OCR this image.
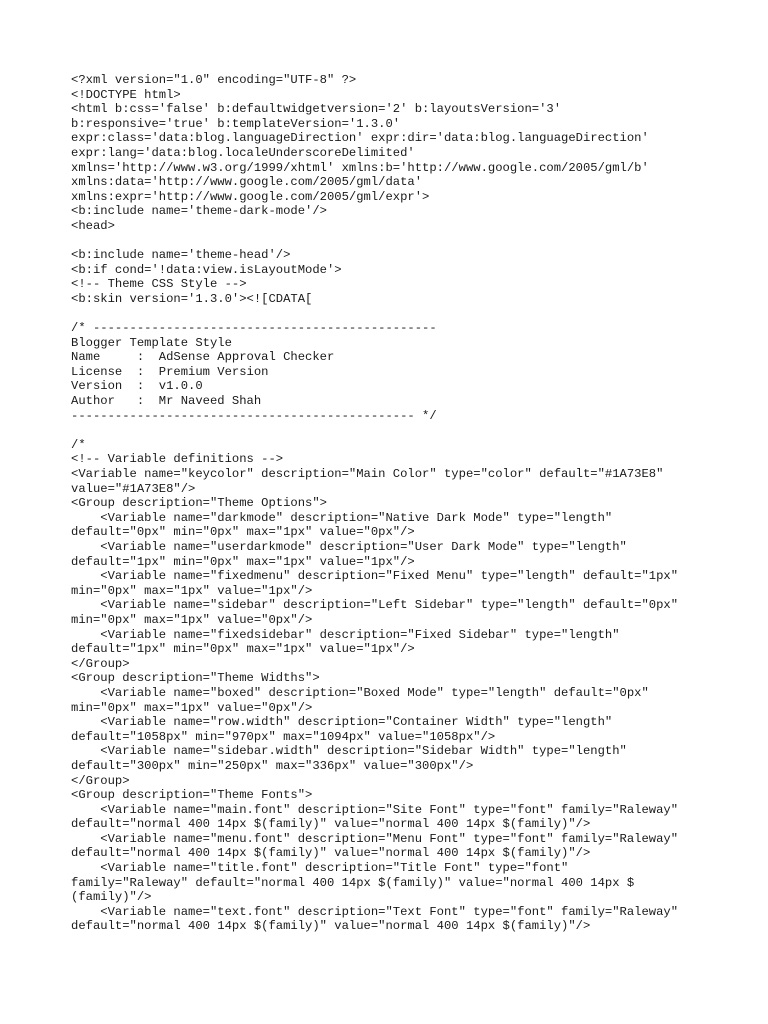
<?xml version="1.0" encoding="UTF-8" ?>
<!DOCTYPE html>
<html b:css='false' b:defaultwidgetversion='2' b:layoutsVersion='3'
b:responsive='true' b:templateVersion='1.3.0'
expr:class='data:blog.languageDirection' expr:dir='data:blog.languageDirection'
expr:lang='data:blog.localeUnderscoreDelimited'
xmlns='http://www.w3.org/1999/xhtml' xmlns:b='http://www.google.com/2005/gml/b'
xmlns:data='http://www.google.com/2005/gml/data'
xmlns:expr='http://www.google.com/2005/gml/expr'>
<b:include name='theme-dark-mode'/>
<head>
<b:include name='theme-head'/>
<b:if cond='!data:view.isLayoutMode'>
<!-- Theme CSS Style -->
<b:skin version='1.3.0'><![CDATA[
/* -----------------------------------------------
Blogger Template Style
Name     :  AdSense Approval Checker
License  :  Premium Version
Version  :  v1.0.0
Author   :  Mr Naveed Shah
----------------------------------------------- */
/*
<!-- Variable definitions -->
<Variable name="keycolor" description="Main Color" type="color" default="#1A73E8"
value="#1A73E8"/>
<Group description="Theme Options">
<Variable name="darkmode" description="Native Dark Mode" type="length"
default="0px" min="0px" max="1px" value="0px"/>
<Variable name="userdarkmode" description="User Dark Mode" type="length"
default="1px" min="0px" max="1px" value="1px"/>
<Variable name="fixedmenu" description="Fixed Menu" type="length" default="1px"
min="0px" max="1px" value="1px"/>
<Variable name="sidebar" description="Left Sidebar" type="length" default="0px"
min="0px" max="1px" value="0px"/>
<Variable name="fixedsidebar" description="Fixed Sidebar" type="length"
default="1px" min="0px" max="1px" value="1px"/>
</Group>
<Group description="Theme Widths">
<Variable name="boxed" description="Boxed Mode" type="length" default="0px"
min="0px" max="1px" value="0px"/>
<Variable name="row.width" description="Container Width" type="length"
default="1058px" min="970px" max="1094px" value="1058px"/>
<Variable name="sidebar.width" description="Sidebar Width" type="length"
default="300px" min="250px" max="336px" value="300px"/>
</Group>
<Group description="Theme Fonts">
<Variable name="main.font" description="Site Font" type="font" family="Raleway"
default="normal 400 14px $(family)" value="normal 400 14px $(family)"/>
<Variable name="menu.font" description="Menu Font" type="font" family="Raleway"
default="normal 400 14px $(family)" value="normal 400 14px $(family)"/>
<Variable name="title.font" description="Title Font" type="font"
family="Raleway" default="normal 400 14px $(family)" value="normal 400 14px $
(family)"/>
<Variable name="text.font" description="Text Font" type="font" family="Raleway"
default="normal 400 14px $(family)" value="normal 400 14px $(family)"/>
